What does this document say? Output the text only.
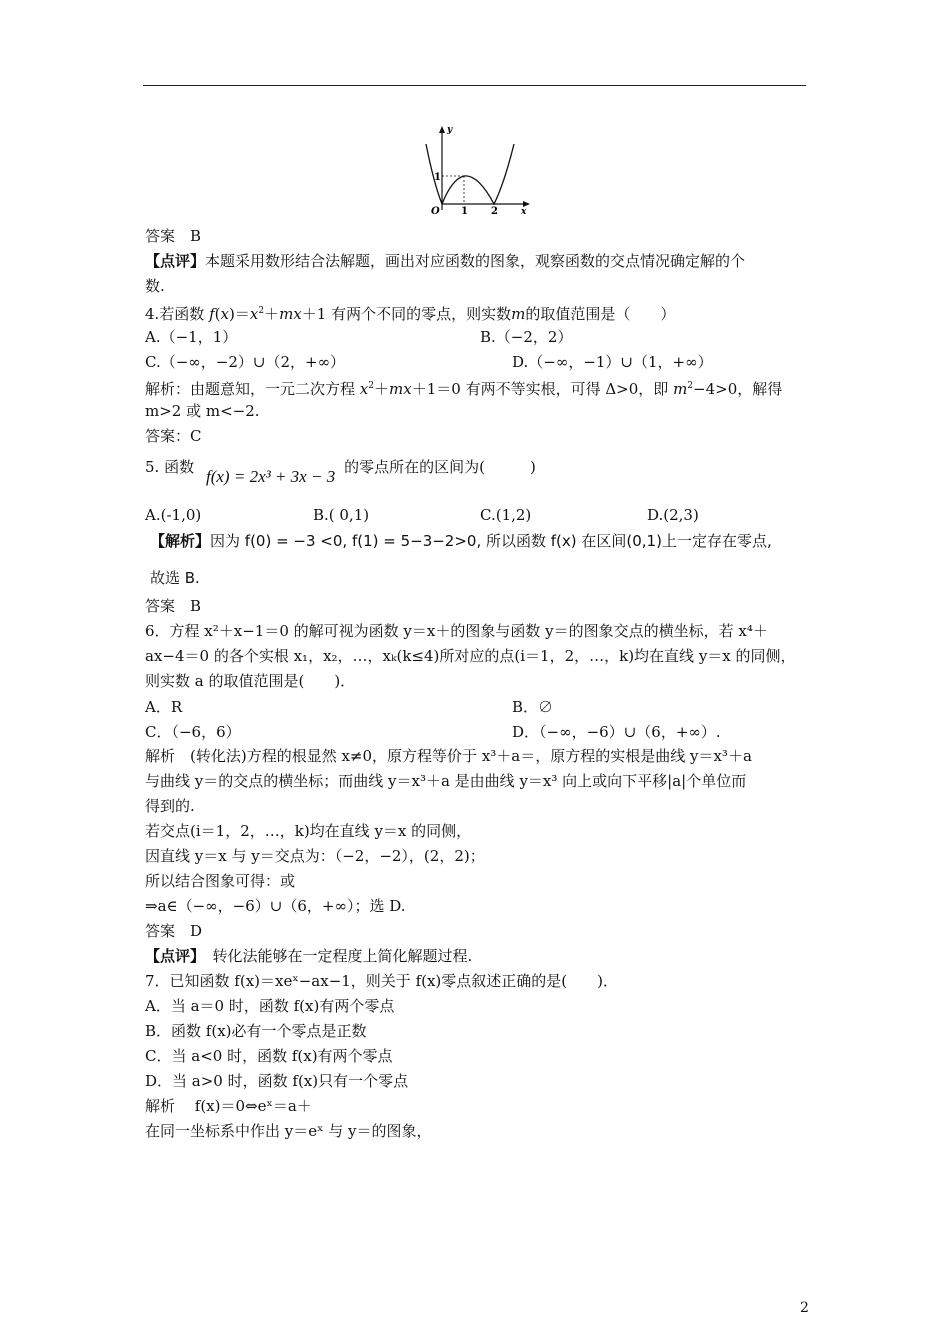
y
x
1
O 1 2
答案　B
【点评】本题采用数形结合法解题，画出对应函数的图象，观察函数的交点情况确定解的个
数.
4.若函数 $f(x)=x^2+mx+1$ 有两个不同的零点，则实数m的取值范围是（　　）
A.（−1，1）	B.（−2，2）
C.（−∞，−2）∪（2，+∞）	D.（−∞，−1）∪（1，+∞）
解析：由题意知，一元二次方程 $x^2+mx+1=0$ 有两不等实根，可得 Δ>0，即 $m^2-4>0$，解得
m>2 或 m<−2.
答案：C
5. 函数	的零点所在的区间为(　　　)
f(x) = 2x³ + 3x − 3
A.(-1,0)	B.( 0,1)	C.(1,2)	D.(2,3)
【解析】因为 f(0) = −3 <0, f(1) = 5−3−2>0, 所以函数 f(x) 在区间(0,1)上一定存在零点,
故选 B.
答案　B
6．方程 x²＋x−1＝0 的解可视为函数 y＝x＋的图象与函数 y＝的图象交点的横坐标，若 x⁴＋
ax−4＝0 的各个实根 x₁，x₂，…，xₖ(k≤4)所对应的点(i＝1，2，…，k)均在直线 y＝x 的同侧，
则实数 a 的取值范围是(　　)．
A．R	B．∅
C．（−6，6）	D．（−∞，−6）∪（6，+∞）.
解析　(转化法)方程的根显然 x≠0，原方程等价于 x³＋a＝，原方程的实根是曲线 y＝x³＋a
与曲线 y＝的交点的横坐标；而曲线 y＝x³＋a 是由曲线 y＝x³ 向上或向下平移|a|个单位而
得到的.
若交点(i＝1，2，…，k)均在直线 y＝x 的同侧，
因直线 y＝x 与 y＝交点为：（−2，−2），(2，2)；
所以结合图象可得：或
⇒a∈（−∞，−6）∪（6，+∞）；选 D.
答案　D
【点评】　转化法能够在一定程度上简化解题过程.
7．已知函数 f(x)＝xeˣ−ax−1，则关于 f(x)零点叙述正确的是(　　)．
A．当 a＝0 时，函数 f(x)有两个零点
B．函数 f(x)必有一个零点是正数
C．当 a<0 时，函数 f(x)有两个零点
D．当 a>0 时，函数 f(x)只有一个零点
解析　 f(x)＝0⇔eˣ＝a＋
在同一坐标系中作出 y＝eˣ 与 y＝的图象，
2
